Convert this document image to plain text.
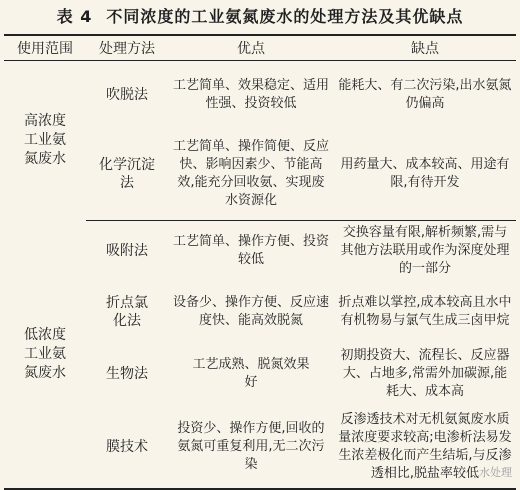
表 4 不同浓度的工业氨氮废水的处理方法及其优缺点
使用范围	处理方法	优点	缺点
高浓度工业氨氮废水	吹脱法	工艺简单、效果稳定、适用性强、投资较低	能耗大、有二次污染,出水氨氮仍偏高
	化学沉淀法	工艺简单、操作简便、反应快、影响因素少、节能高效,能充分回收氨、实现废水资源化	用药量大、成本较高、用途有限,有待开发
低浓度工业氨氮废水	吸附法	工艺简单、操作方便、投资较低	交换容量有限,解析频繁,需与其他方法联用或作为深度处理的一部分
	折点氯化法	设备少、操作方便、反应速度快、能高效脱氮	折点难以掌控,成本较高且水中有机物易与氯气生成三卤甲烷
	生物法	工艺成熟、脱氮效果好	初期投资大、流程长、反应器大、占地多,常需外加碳源,能耗大、成本高
	膜技术	投资少、操作方便,回收的氨氮可重复利用,无二次污染	反渗透技术对无机氨氮废水质量浓度要求较高;电渗析法易发生浓差极化而产生结垢,与反渗透相比,脱盐率较低 水处理
